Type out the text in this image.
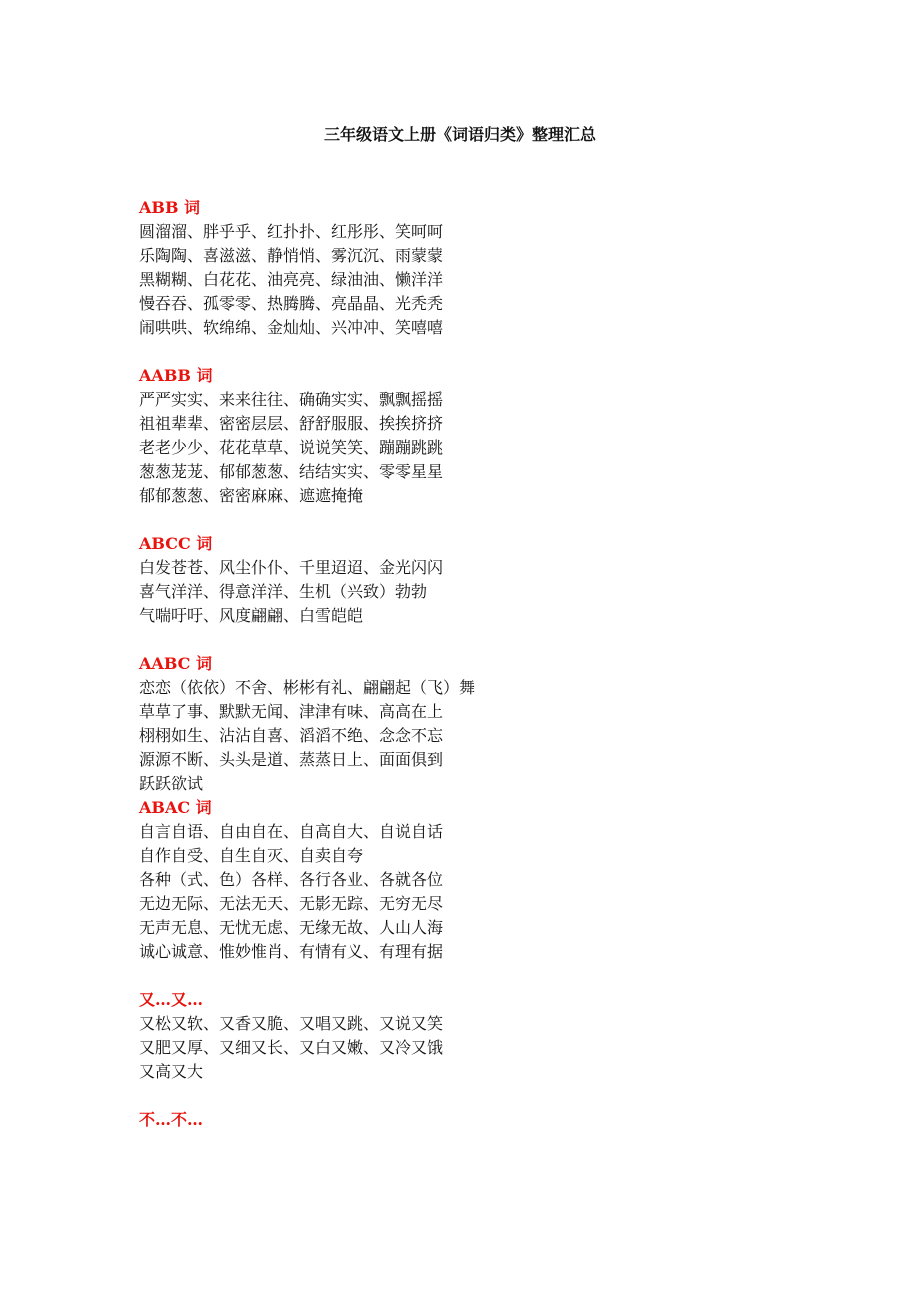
三年级语文上册《词语归类》整理汇总
ABB 词
圆溜溜、胖乎乎、红扑扑、红彤彤、笑呵呵
乐陶陶、喜滋滋、静悄悄、雾沉沉、雨蒙蒙
黑糊糊、白花花、油亮亮、绿油油、懒洋洋
慢吞吞、孤零零、热腾腾、亮晶晶、光秃秃
闹哄哄、软绵绵、金灿灿、兴冲冲、笑嘻嘻
AABB 词
严严实实、来来往往、确确实实、飘飘摇摇
祖祖辈辈、密密层层、舒舒服服、挨挨挤挤
老老少少、花花草草、说说笑笑、蹦蹦跳跳
葱葱茏茏、郁郁葱葱、结结实实、零零星星
郁郁葱葱、密密麻麻、遮遮掩掩
ABCC 词
白发苍苍、风尘仆仆、千里迢迢、金光闪闪
喜气洋洋、得意洋洋、生机（兴致）勃勃
气喘吁吁、风度翩翩、白雪皑皑
AABC 词
恋恋（依依）不舍、彬彬有礼、翩翩起（飞）舞
草草了事、默默无闻、津津有味、高高在上
栩栩如生、沾沾自喜、滔滔不绝、念念不忘
源源不断、头头是道、蒸蒸日上、面面俱到
跃跃欲试
ABAC 词
自言自语、自由自在、自高自大、自说自话
自作自受、自生自灭、自卖自夸
各种（式、色）各样、各行各业、各就各位
无边无际、无法无天、无影无踪、无穷无尽
无声无息、无忧无虑、无缘无故、人山人海
诚心诚意、惟妙惟肖、有情有义、有理有据
又…又…
又松又软、又香又脆、又唱又跳、又说又笑
又肥又厚、又细又长、又白又嫩、又冷又饿
又高又大
不…不…
